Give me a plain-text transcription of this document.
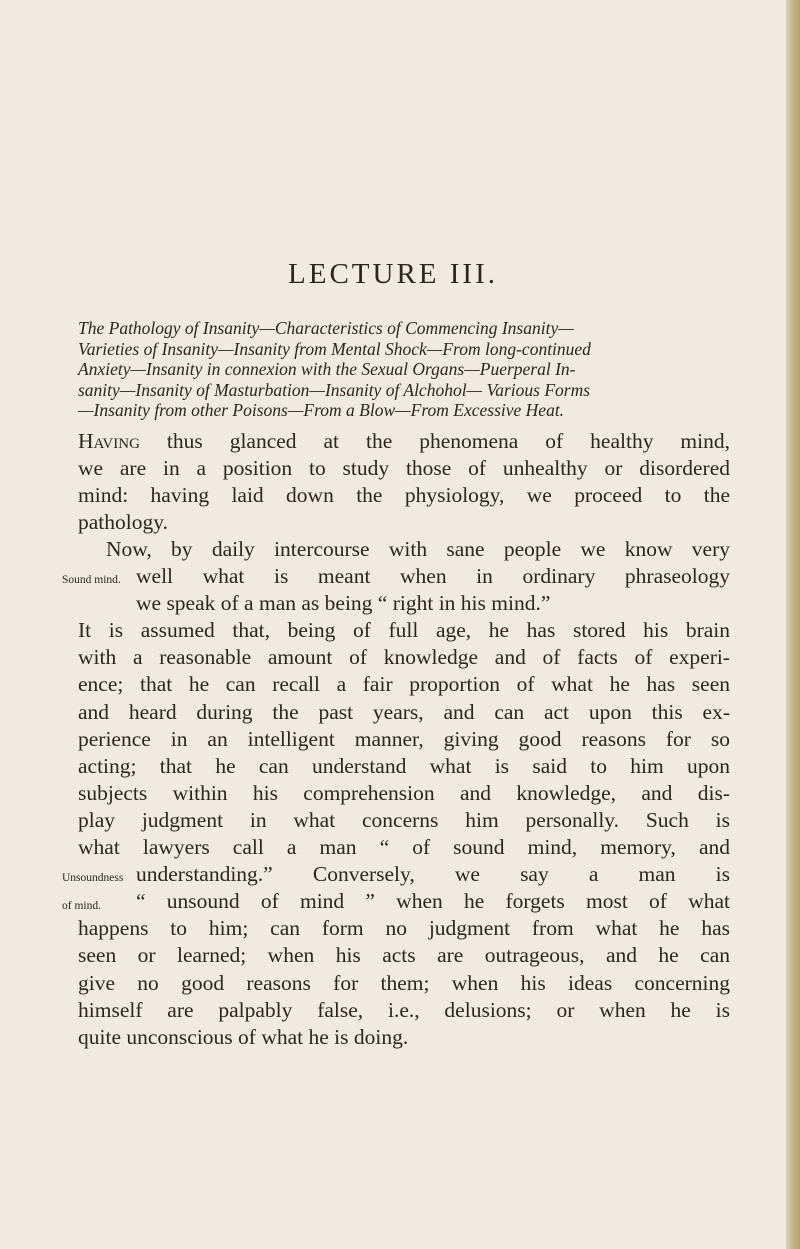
LECTURE III.

The Pathology of Insanity—Characteristics of Commencing Insanity—
Varieties of Insanity—Insanity from Mental Shock—From long-continued
Anxiety—Insanity in connexion with the Sexual Organs—Puerperal In-
sanity—Insanity of Masturbation—Insanity of Alchohol— Various Forms
—Insanity from other Poisons—From a Blow—From Excessive Heat.

Having thus glanced at the phenomena of healthy mind,
we are in a position to study those of unhealthy or disordered
mind: having laid down the physiology, we proceed to the
pathology.

Now, by daily intercourse with sane people we know very
well what is meant when in ordinary phraseology
we speak of a man as being “ right in his mind.”
It is assumed that, being of full age, he has stored his brain
with a reasonable amount of knowledge and of facts of experi-
ence; that he can recall a fair proportion of what he has seen
and heard during the past years, and can act upon this ex-
perience in an intelligent manner, giving good reasons for so
acting; that he can understand what is said to him upon
subjects within his comprehension and knowledge, and dis-
play judgment in what concerns him personally. Such is
what lawyers call a man “ of sound mind, memory, and
understanding.” Conversely, we say a man is
“ unsound of mind ” when he forgets most of what
happens to him; can form no judgment from what he has
seen or learned; when his acts are outrageous, and he can
give no good reasons for them; when his ideas concerning
himself are palpably false, i.e., delusions; or when he is
quite unconscious of what he is doing.

Sound mind.
Unsoundness
of mind.
